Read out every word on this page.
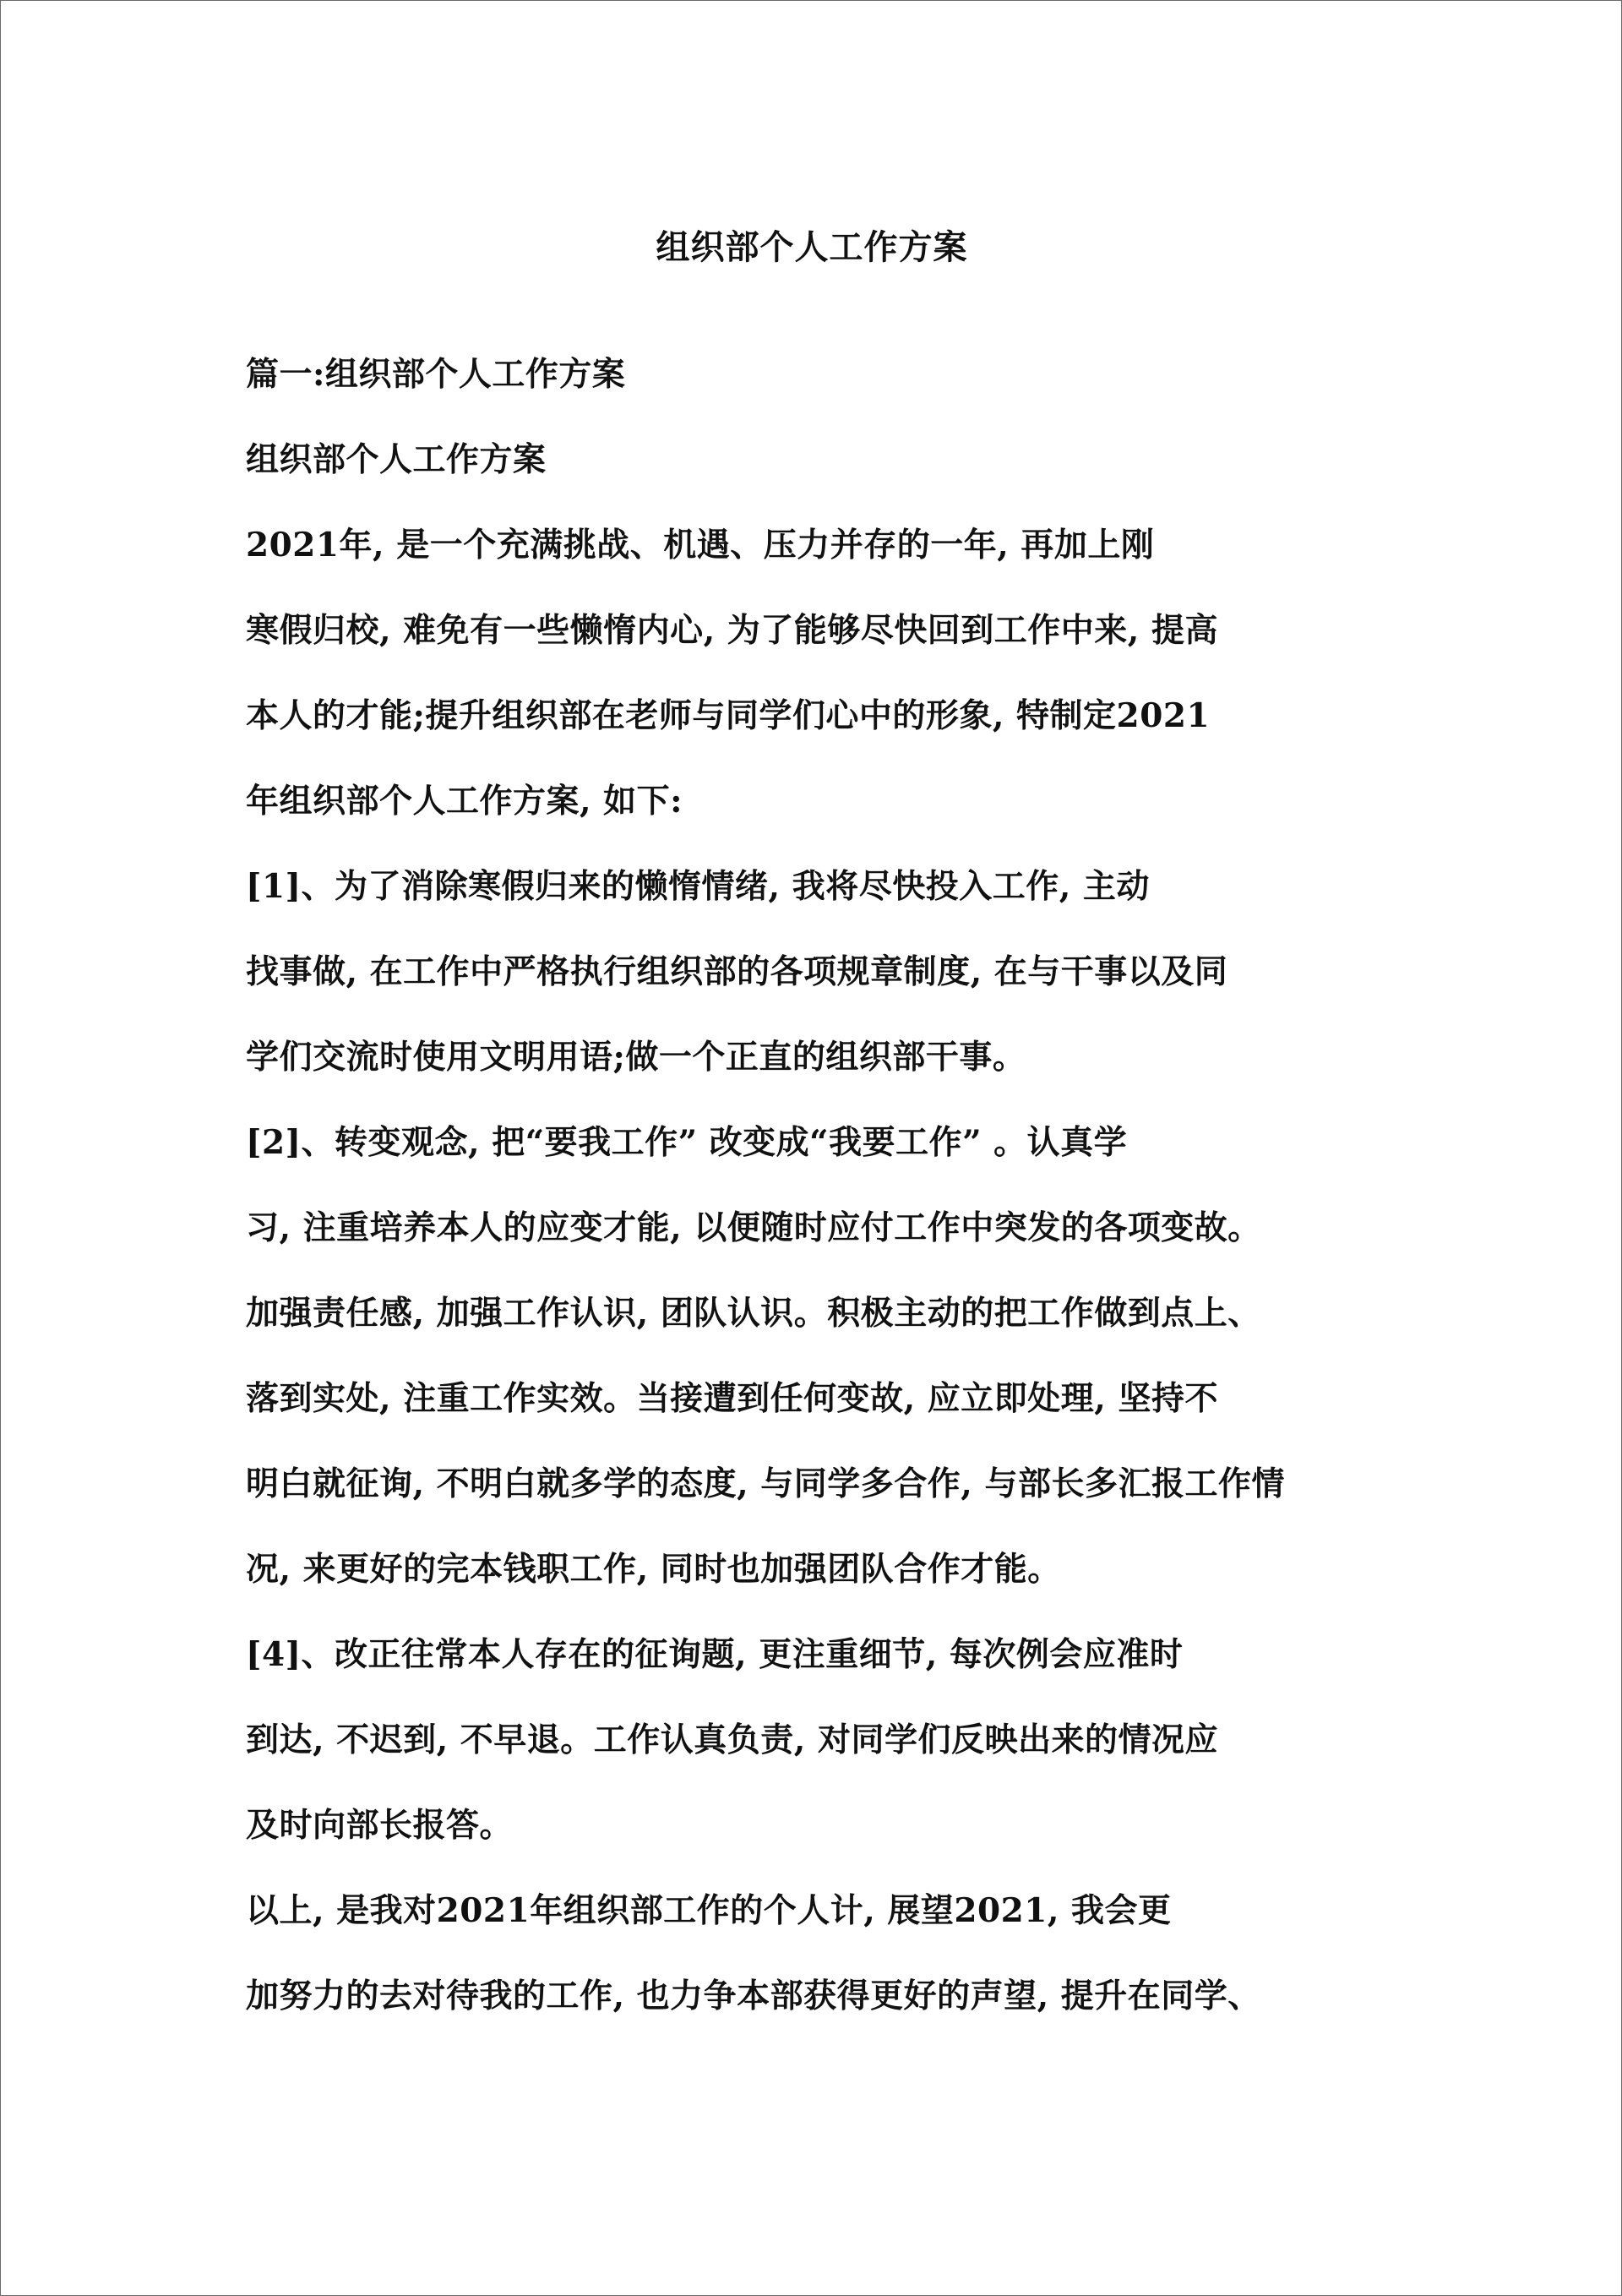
组织部个人工作方案
篇一:组织部个人工作方案
组织部个人工作方案
2021年, 是一个充满挑战、机遇、压力并存的一年, 再加上刚
寒假归校, 难免有一些懒惰内心, 为了能够尽快回到工作中来, 提高
本人的才能;提升组织部在老师与同学们心中的形象, 特制定2021
年组织部个人工作方案, 如下:
[1]、为了消除寒假归来的懒惰情绪, 我将尽快投入工作, 主动
找事做, 在工作中严格执行组织部的各项规章制度, 在与干事以及同
学们交流时使用文明用语;做一个正直的组织部干事。
[2]、转变观念, 把“要我工作” 改变成“我要工作” 。认真学
习, 注重培养本人的应变才能, 以便随时应付工作中突发的各项变故。
加强责任感, 加强工作认识, 团队认识。积极主动的把工作做到点上、
落到实处, 注重工作实效。当接遭到任何变故, 应立即处理, 坚持不
明白就征询, 不明白就多学的态度, 与同学多合作, 与部长多汇报工作情
况, 来更好的完本钱职工作, 同时也加强团队合作才能。
[4]、改正往常本人存在的征询题, 更注重细节, 每次例会应准时
到达, 不迟到, 不早退。工作认真负责, 对同学们反映出来的情况应
及时向部长报答。
以上, 是我对2021年组织部工作的个人计, 展望2021, 我会更
加努力的去对待我的工作, 也力争本部获得更好的声望, 提升在同学、
